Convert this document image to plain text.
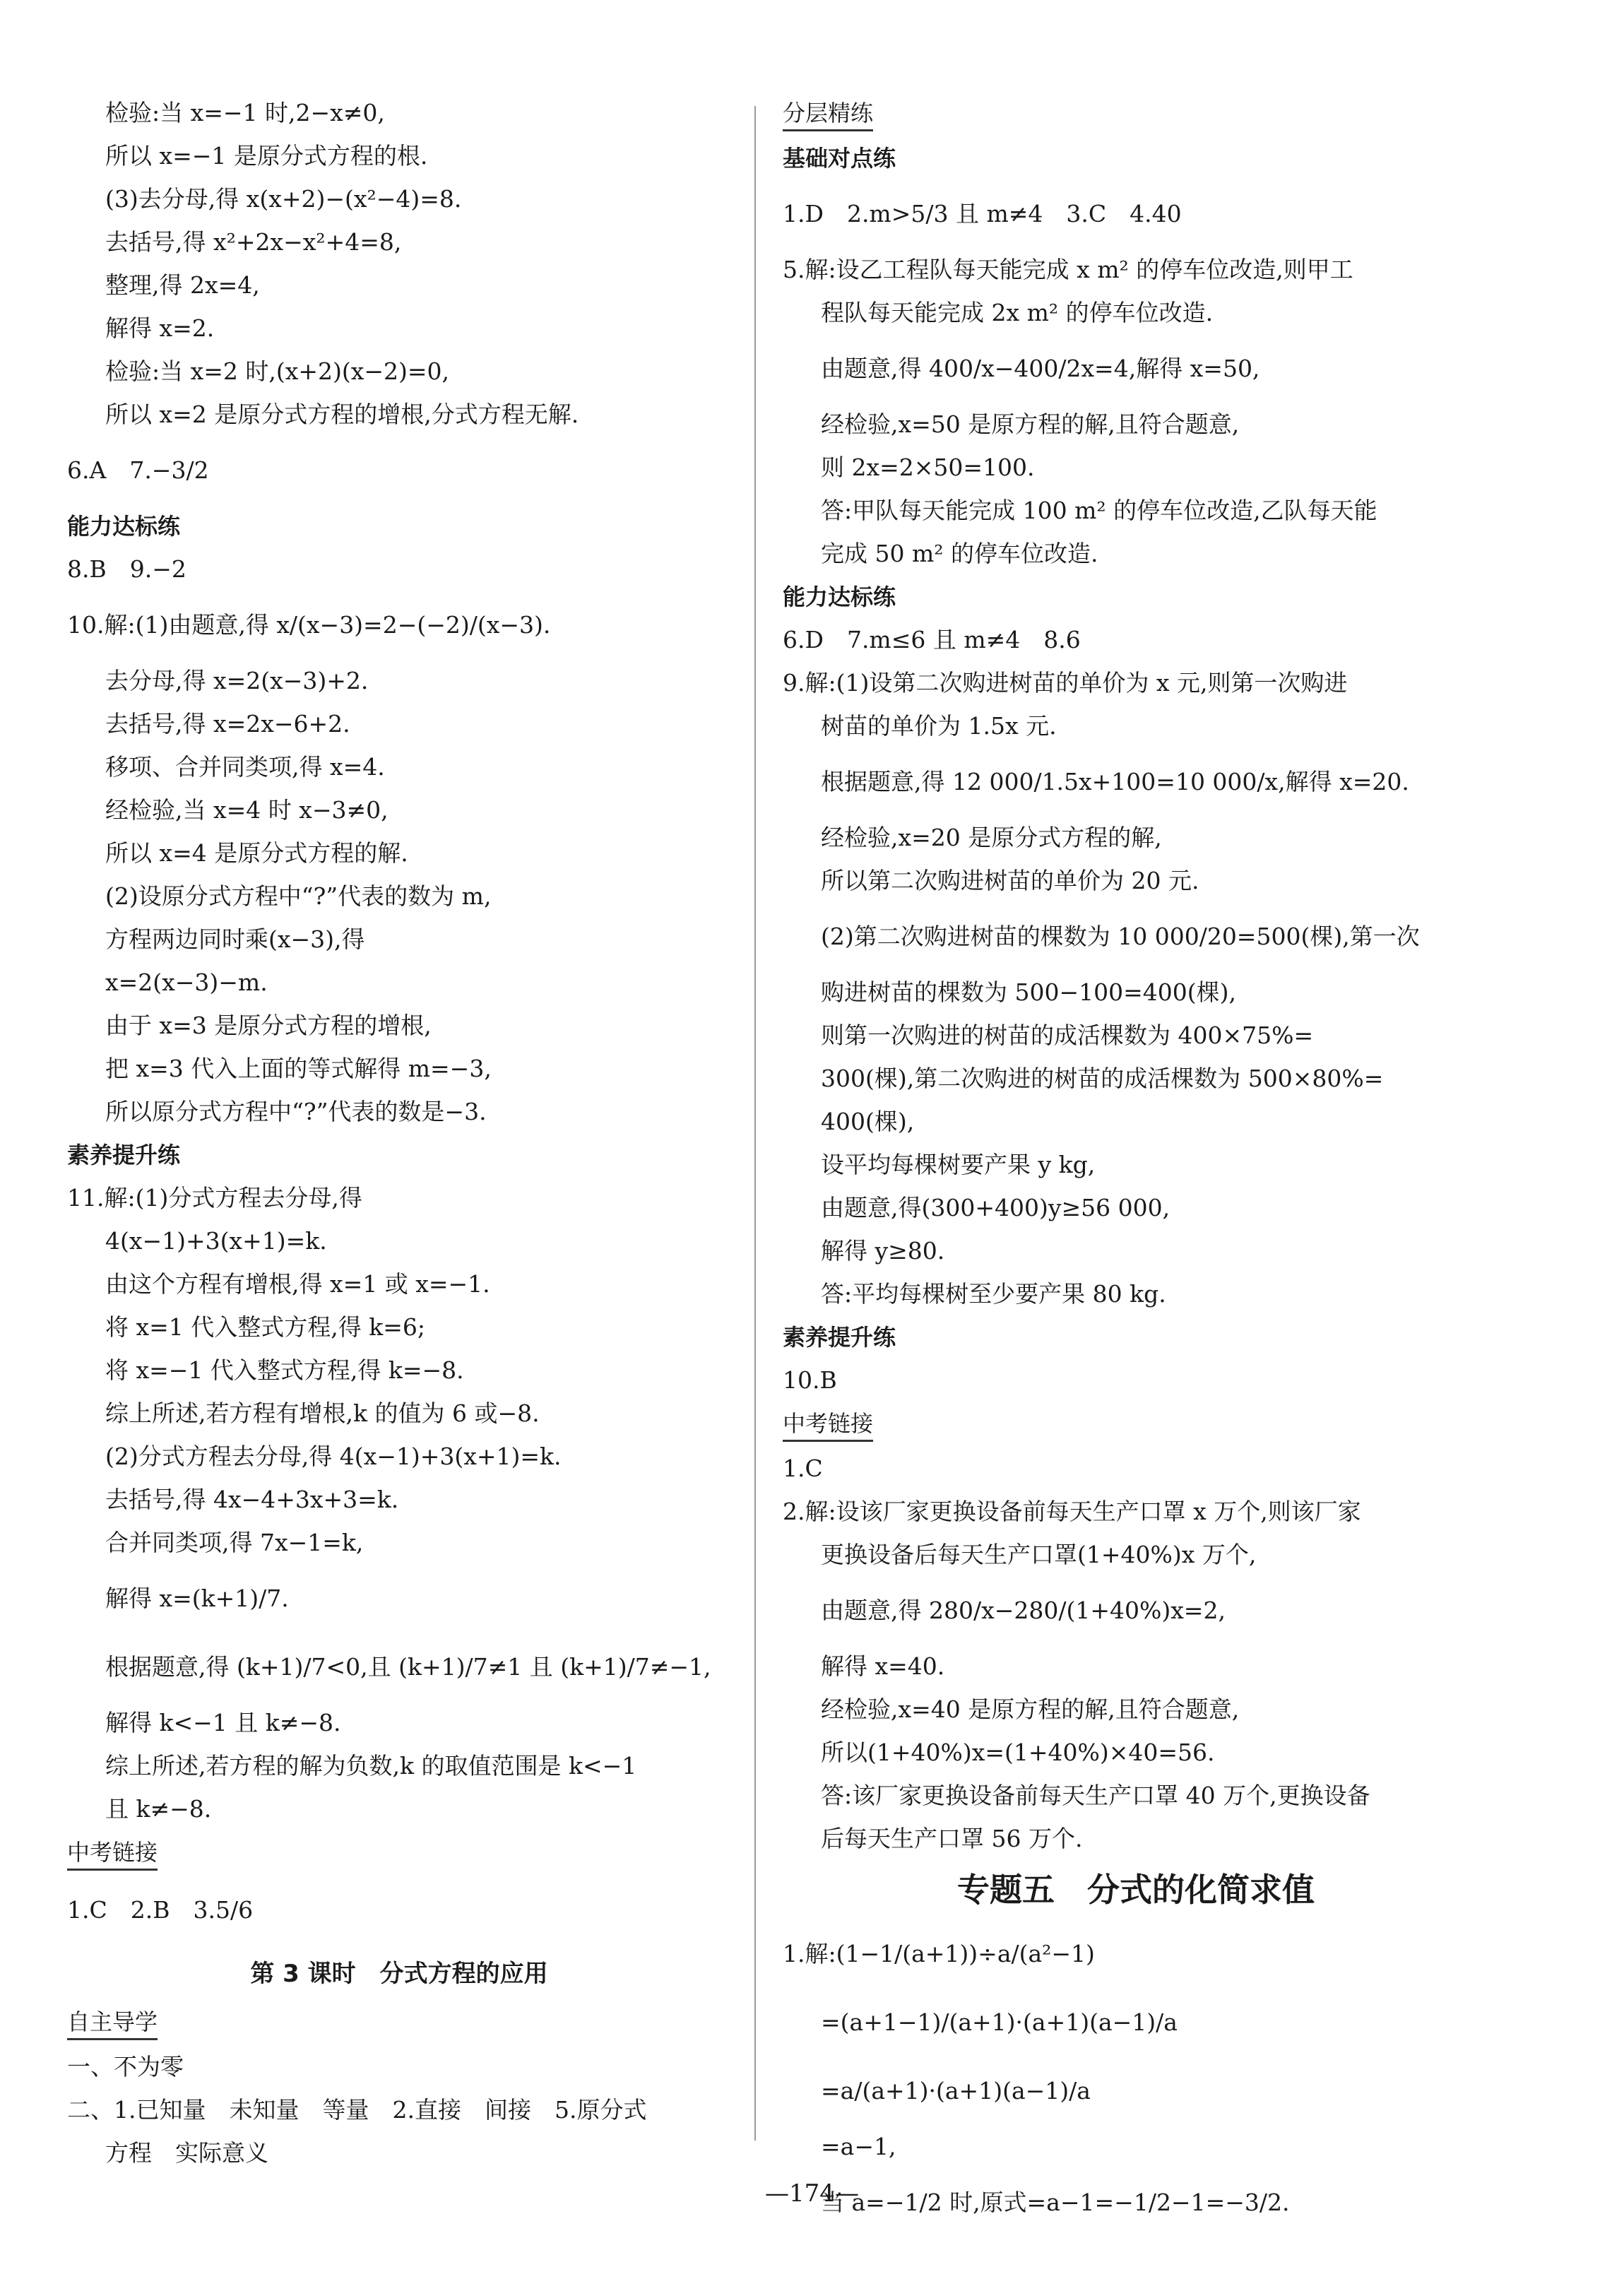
检验:当 x=−1 时,2−x≠0,
所以 x=−1 是原分式方程的根.
(3)去分母,得 x(x+2)−(x²−4)=8.
去括号,得 x²+2x−x²+4=8,
整理,得 2x=4,
解得 x=2.
检验:当 x=2 时,(x+2)(x−2)=0,
所以 x=2 是原分式方程的增根,分式方程无解.
6.A　7.−3/2
能力达标练
8.B　9.−2
10.解:(1)由题意,得 x/(x−3)=2−(−2)/(x−3).
去分母,得 x=2(x−3)+2.
去括号,得 x=2x−6+2.
移项、合并同类项,得 x=4.
经检验,当 x=4 时 x−3≠0,
所以 x=4 是原分式方程的解.
(2)设原分式方程中“?”代表的数为 m,
方程两边同时乘(x−3),得
x=2(x−3)−m.
由于 x=3 是原分式方程的增根,
把 x=3 代入上面的等式解得 m=−3,
所以原分式方程中“?”代表的数是−3.
素养提升练
11.解:(1)分式方程去分母,得
4(x−1)+3(x+1)=k.
由这个方程有增根,得 x=1 或 x=−1.
将 x=1 代入整式方程,得 k=6;
将 x=−1 代入整式方程,得 k=−8.
综上所述,若方程有增根,k 的值为 6 或−8.
(2)分式方程去分母,得 4(x−1)+3(x+1)=k.
去括号,得 4x−4+3x+3=k.
合并同类项,得 7x−1=k,
解得 x=(k+1)/7.
根据题意,得 (k+1)/7<0,且 (k+1)/7≠1 且 (k+1)/7≠−1,
解得 k<−1 且 k≠−8.
综上所述,若方程的解为负数,k 的取值范围是 k<−1
且 k≠−8.
中考链接

1.C　2.B　3.5/6
第 3 课时　分式方程的应用
自主导学

一、不为零
二、1.已知量　未知量　等量　2.直接　间接　5.原分式
方程　实际意义
分层精练

基础对点练
1.D　2.m>5/3 且 m≠4　3.C　4.40
5.解:设乙工程队每天能完成 x m² 的停车位改造,则甲工
程队每天能完成 2x m² 的停车位改造.
由题意,得 400/x−400/2x=4,解得 x=50,
经检验,x=50 是原方程的解,且符合题意,
则 2x=2×50=100.
答:甲队每天能完成 100 m² 的停车位改造,乙队每天能
完成 50 m² 的停车位改造.
能力达标练
6.D　7.m≤6 且 m≠4　8.6
9.解:(1)设第二次购进树苗的单价为 x 元,则第一次购进
树苗的单价为 1.5x 元.
根据题意,得 12 000/1.5x+100=10 000/x,解得 x=20.
经检验,x=20 是原分式方程的解,
所以第二次购进树苗的单价为 20 元.
(2)第二次购进树苗的棵数为 10 000/20=500(棵),第一次
购进树苗的棵数为 500−100=400(棵),
则第一次购进的树苗的成活棵数为 400×75%=
300(棵),第二次购进的树苗的成活棵数为 500×80%=
400(棵),
设平均每棵树要产果 y kg,
由题意,得(300+400)y≥56 000,
解得 y≥80.
答:平均每棵树至少要产果 80 kg.
素养提升练
10.B
中考链接

1.C
2.解:设该厂家更换设备前每天生产口罩 x 万个,则该厂家
更换设备后每天生产口罩(1+40%)x 万个,
由题意,得 280/x−280/(1+40%)x=2,
解得 x=40.
经检验,x=40 是原方程的解,且符合题意,
所以(1+40%)x=(1+40%)×40=56.
答:该厂家更换设备前每天生产口罩 40 万个,更换设备
后每天生产口罩 56 万个.
专题五　分式的化简求值
1.解:(1−1/(a+1))÷a/(a²−1)
=(a+1−1)/(a+1)·(a+1)(a−1)/a
=a/(a+1)·(a+1)(a−1)/a
=a−1,
当 a=−1/2 时,原式=a−1=−1/2−1=−3/2.
—174—
